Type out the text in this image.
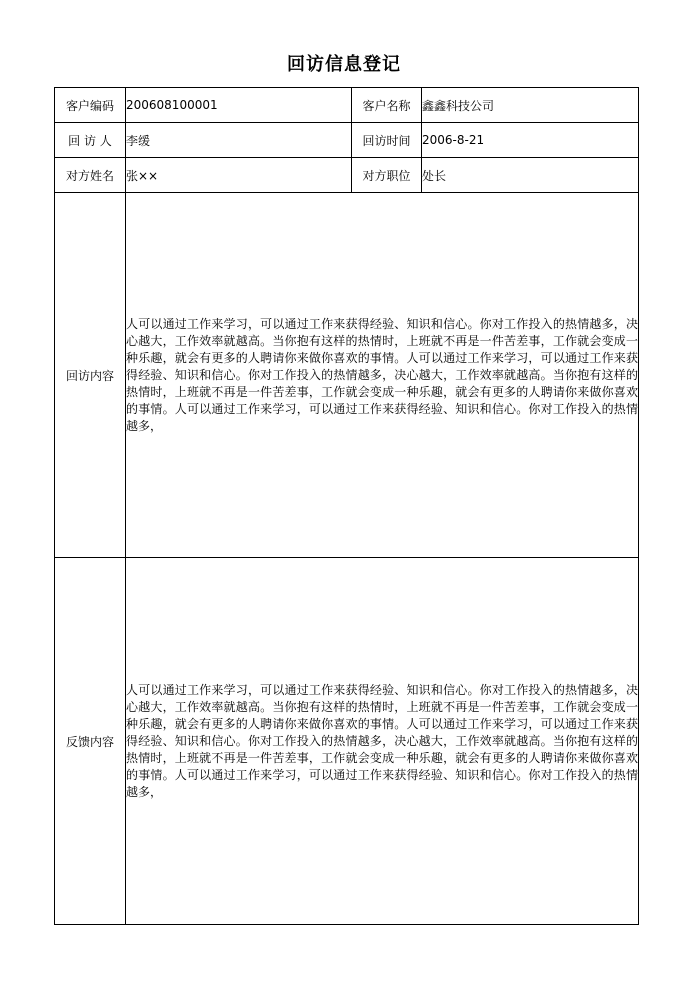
回访信息登记
客户编码	200608100001	客户名称	鑫鑫科技公司
回 访 人	李缓	回访时间	2006-8-21
对方姓名	张××	对方职位	处长
回访内容	人可以通过工作来学习，可以通过工作来获得经验、知识和信心。你对工作投入的热情越多，决心越大，工作效率就越高。当你抱有这样的热情时，上班就不再是一件苦差事，工作就会变成一种乐趣，就会有更多的人聘请你来做你喜欢的事情。人可以通过工作来学习，可以通过工作来获得经验、知识和信心。你对工作投入的热情越多，决心越大，工作效率就越高。当你抱有这样的热情时，上班就不再是一件苦差事，工作就会变成一种乐趣，就会有更多的人聘请你来做你喜欢的事情。人可以通过工作来学习，可以通过工作来获得经验、知识和信心。你对工作投入的热情越多，		
反馈内容	人可以通过工作来学习，可以通过工作来获得经验、知识和信心。你对工作投入的热情越多，决心越大，工作效率就越高。当你抱有这样的热情时，上班就不再是一件苦差事，工作就会变成一种乐趣，就会有更多的人聘请你来做你喜欢的事情。人可以通过工作来学习，可以通过工作来获得经验、知识和信心。你对工作投入的热情越多，决心越大，工作效率就越高。当你抱有这样的热情时，上班就不再是一件苦差事，工作就会变成一种乐趣，就会有更多的人聘请你来做你喜欢的事情。人可以通过工作来学习，可以通过工作来获得经验、知识和信心。你对工作投入的热情越多，		
